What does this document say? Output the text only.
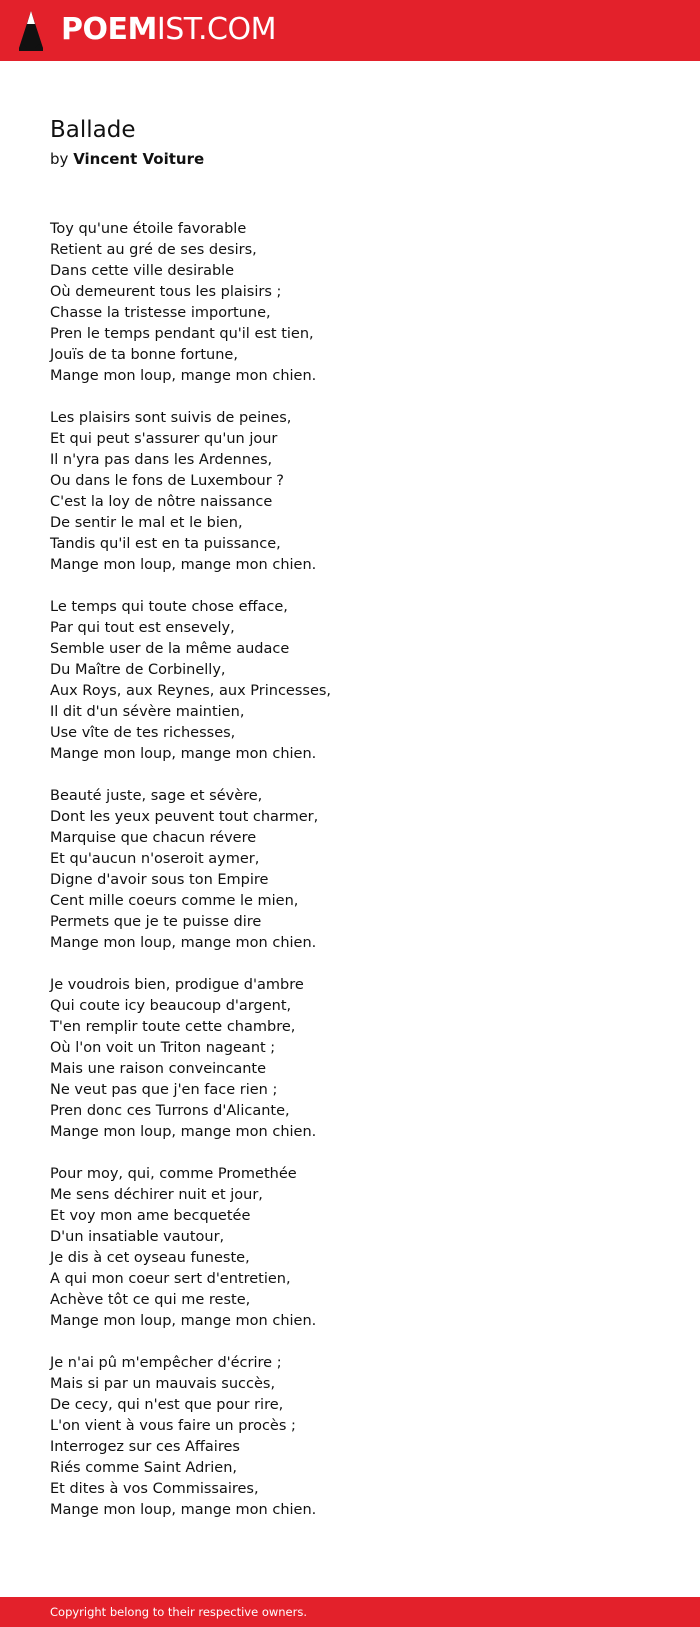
POEMIST.COM
Ballade
by Vincent Voiture
Toy qu'une étoile favorable
Retient au gré de ses desirs,
Dans cette ville desirable
Où demeurent tous les plaisirs ;
Chasse la tristesse importune,
Pren le temps pendant qu'il est tien,
Jouïs de ta bonne fortune,
Mange mon loup, mange mon chien.
Les plaisirs sont suivis de peines,
Et qui peut s'assurer qu'un jour
Il n'yra pas dans les Ardennes,
Ou dans le fons de Luxembour ?
C'est la loy de nôtre naissance
De sentir le mal et le bien,
Tandis qu'il est en ta puissance,
Mange mon loup, mange mon chien.
Le temps qui toute chose efface,
Par qui tout est ensevely,
Semble user de la même audace
Du Maître de Corbinelly,
Aux Roys, aux Reynes, aux Princesses,
Il dit d'un sévère maintien,
Use vîte de tes richesses,
Mange mon loup, mange mon chien.
Beauté juste, sage et sévère,
Dont les yeux peuvent tout charmer,
Marquise que chacun révere
Et qu'aucun n'oseroit aymer,
Digne d'avoir sous ton Empire
Cent mille coeurs comme le mien,
Permets que je te puisse dire
Mange mon loup, mange mon chien.
Je voudrois bien, prodigue d'ambre
Qui coute icy beaucoup d'argent,
T'en remplir toute cette chambre,
Où l'on voit un Triton nageant ;
Mais une raison conveincante
Ne veut pas que j'en face rien ;
Pren donc ces Turrons d'Alicante,
Mange mon loup, mange mon chien.
Pour moy, qui, comme Promethée
Me sens déchirer nuit et jour,
Et voy mon ame becquetée
D'un insatiable vautour,
Je dis à cet oyseau funeste,
A qui mon coeur sert d'entretien,
Achève tôt ce qui me reste,
Mange mon loup, mange mon chien.
Je n'ai pû m'empêcher d'écrire ;
Mais si par un mauvais succès,
De cecy, qui n'est que pour rire,
L'on vient à vous faire un procès ;
Interrogez sur ces Affaires
Riés comme Saint Adrien,
Et dites à vos Commissaires,
Mange mon loup, mange mon chien.
Copyright belong to their respective owners.
